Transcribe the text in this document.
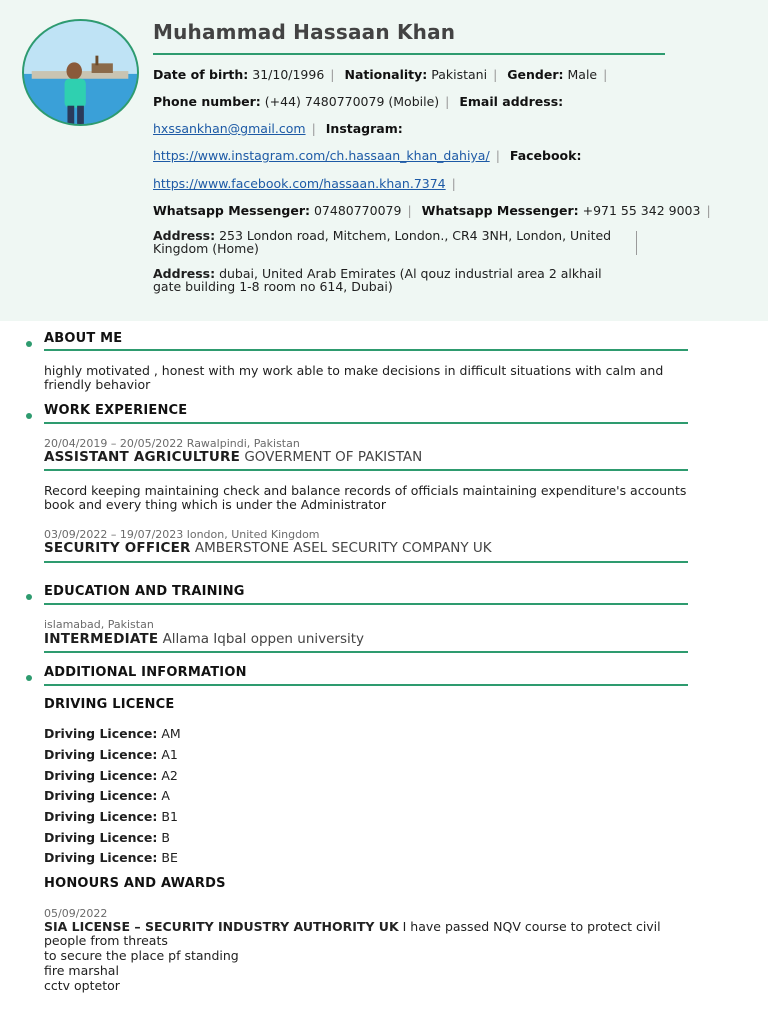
Muhammad Hassaan Khan
Date of birth: 31/10/1996 | Nationality: Pakistani | Gender: Male |
Phone number: (+44) 7480770079 (Mobile) | Email address:
hxssankhan@gmail.com | Instagram:
https://www.instagram.com/ch.hassaan_khan_dahiya/ | Facebook:
https://www.facebook.com/hassaan.khan.7374 |
Whatsapp Messenger: 07480770079 | Whatsapp Messenger: +971 55 342 9003 |
Address: 253 London road, Mitchem, London., CR4 3NH, London, United Kingdom (Home)
Address: dubai, United Arab Emirates (Al qouz industrial area 2 alkhail gate building 1-8 room no 614, Dubai)
ABOUT ME
highly motivated , honest with my work able to make decisions in difficult situations with calm and friendly behavior
WORK EXPERIENCE
20/04/2019 – 20/05/2022 Rawalpindi, Pakistan
ASSISTANT AGRICULTURE GOVERMENT OF PAKISTAN
Record keeping maintaining check and balance records of officials maintaining expenditure's accounts book and every thing which is under the Administrator
03/09/2022 – 19/07/2023 london, United Kingdom
SECURITY OFFICER AMBERSTONE ASEL SECURITY COMPANY UK
EDUCATION AND TRAINING
islamabad, Pakistan
INTERMEDIATE Allama Iqbal oppen university
ADDITIONAL INFORMATION
DRIVING LICENCE
Driving Licence: AM
Driving Licence: A1
Driving Licence: A2
Driving Licence: A
Driving Licence: B1
Driving Licence: B
Driving Licence: BE
HONOURS AND AWARDS
05/09/2022
SIA LICENSE – SECURITY INDUSTRY AUTHORITY UK I have passed NQV course to protect civil people from threats
to secure the place pf standing
fire marshal
cctv optetor
